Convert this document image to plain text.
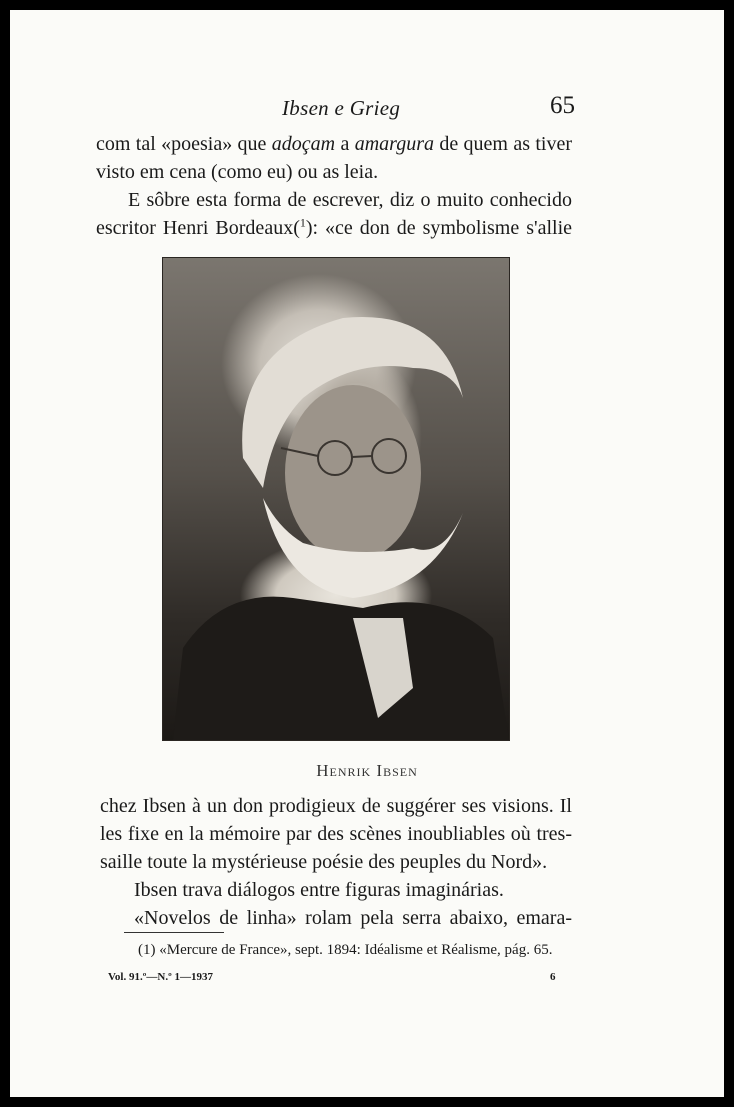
Ibsen e Grieg	65
com tal «poesia» que adoçam a amargura de quem as tiver
visto em cena (como eu) ou as leia.
E sôbre esta forma de escrever, diz o muito conhecido
escritor Henri Bordeaux($^1$): «ce don de symbolisme s'allie
Henrik Ibsen
chez Ibsen à un don prodigieux de suggérer ses visions. Il
les fixe en la mémoire par des scènes inoubliables où tres-
saille toute la mystérieuse poésie des peuples du Nord».
Ibsen trava diálogos entre figuras imaginárias.
«Novelos de linha» rolam pela serra abaixo, emara-
(1) «Mercure de France», sept. 1894: Idéalisme et Réalisme, pág. 65.
Vol. 91.º—N.º 1—1937	6
